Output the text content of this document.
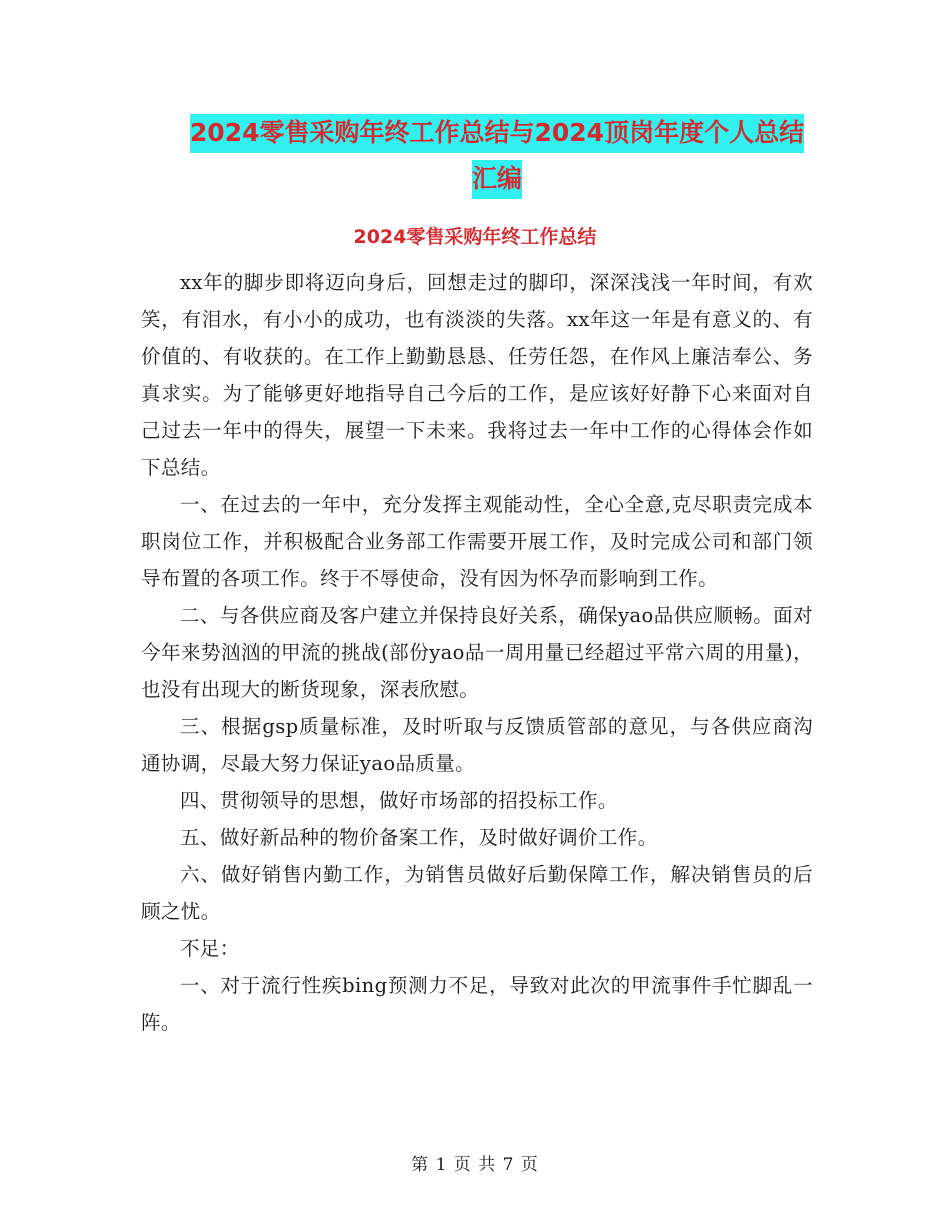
2024零售采购年终工作总结与2024顶岗年度个人总结
汇编
2024零售采购年终工作总结

xx年的脚步即将迈向身后，回想走过的脚印，深深浅浅一年时间，有欢笑，有泪水，有小小的成功，也有淡淡的失落。xx年这一年是有意义的、有价值的、有收获的。在工作上勤勤恳恳、任劳任怨，在作风上廉洁奉公、务真求实。为了能够更好地指导自己今后的工作，是应该好好静下心来面对自己过去一年中的得失，展望一下未来。我将过去一年中工作的心得体会作如下总结。

一、在过去的一年中，充分发挥主观能动性，全心全意,克尽职责完成本职岗位工作，并积极配合业务部工作需要开展工作，及时完成公司和部门领导布置的各项工作。终于不辱使命，没有因为怀孕而影响到工作。

二、与各供应商及客户建立并保持良好关系，确保yao品供应顺畅。面对今年来势汹汹的甲流的挑战(部份yao品一周用量已经超过平常六周的用量)，也没有出现大的断货现象，深表欣慰。

三、根据gsp质量标准，及时听取与反馈质管部的意见，与各供应商沟通协调，尽最大努力保证yao品质量。

四、贯彻领导的思想，做好市场部的招投标工作。

五、做好新品种的物价备案工作，及时做好调价工作。

六、做好销售内勤工作，为销售员做好后勤保障工作，解决销售员的后顾之忧。

不足：

一、对于流行性疾bing预测力不足，导致对此次的甲流事件手忙脚乱一阵。

第 1 页 共 7 页
